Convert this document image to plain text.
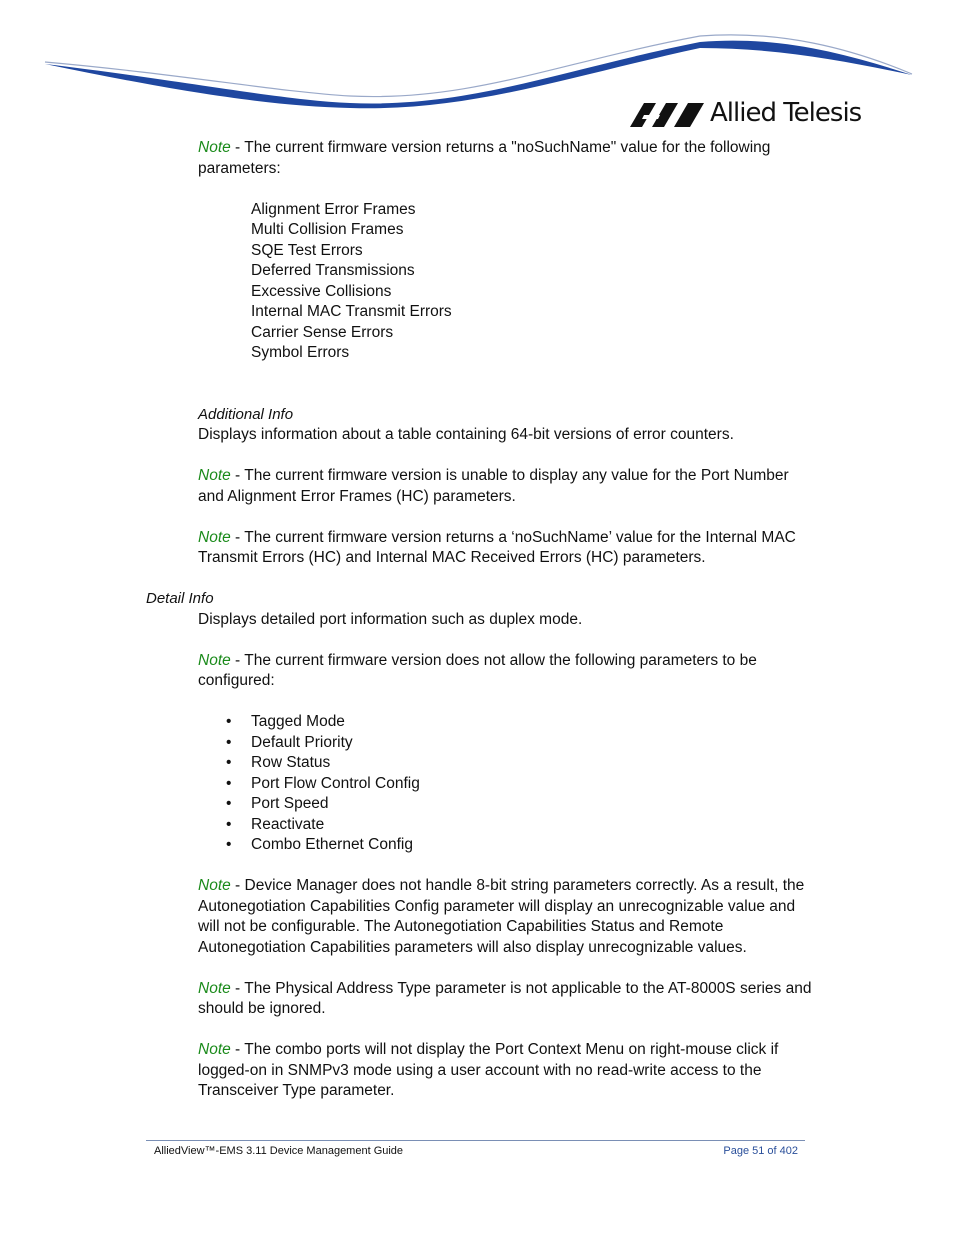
Allied Telesis

Note - The current firmware version returns a "noSuchName" value for the following parameters:

Alignment Error Frames
Multi Collision Frames
SQE Test Errors
Deferred Transmissions
Excessive Collisions
Internal MAC Transmit Errors
Carrier Sense Errors
Symbol Errors

Additional Info

Displays information about a table containing 64-bit versions of error counters.

Note - The current firmware version is unable to display any value for the Port Number and Alignment Error Frames (HC) parameters.

Note - The current firmware version returns a ‘noSuchName’ value for the Internal MAC Transmit Errors (HC) and Internal MAC Received Errors (HC) parameters.

Detail Info

Displays detailed port information such as duplex mode.

Note - The current firmware version does not allow the following parameters to be configured:

• Tagged Mode
• Default Priority
• Row Status
• Port Flow Control Config
• Port Speed
• Reactivate
• Combo Ethernet Config

Note - Device Manager does not handle 8-bit string parameters correctly. As a result, the Autonegotiation Capabilities Config parameter will display an unrecognizable value and will not be configurable. The Autonegotiation Capabilities Status and Remote Autonegotiation Capabilities parameters will also display unrecognizable values.

Note - The Physical Address Type parameter is not applicable to the AT-8000S series and should be ignored.

Note - The combo ports will not display the Port Context Menu on right-mouse click if logged-on in SNMPv3 mode using a user account with no read-write access to the Transceiver Type parameter.

AlliedView™-EMS 3.11 Device Management Guide	Page 51 of 402
